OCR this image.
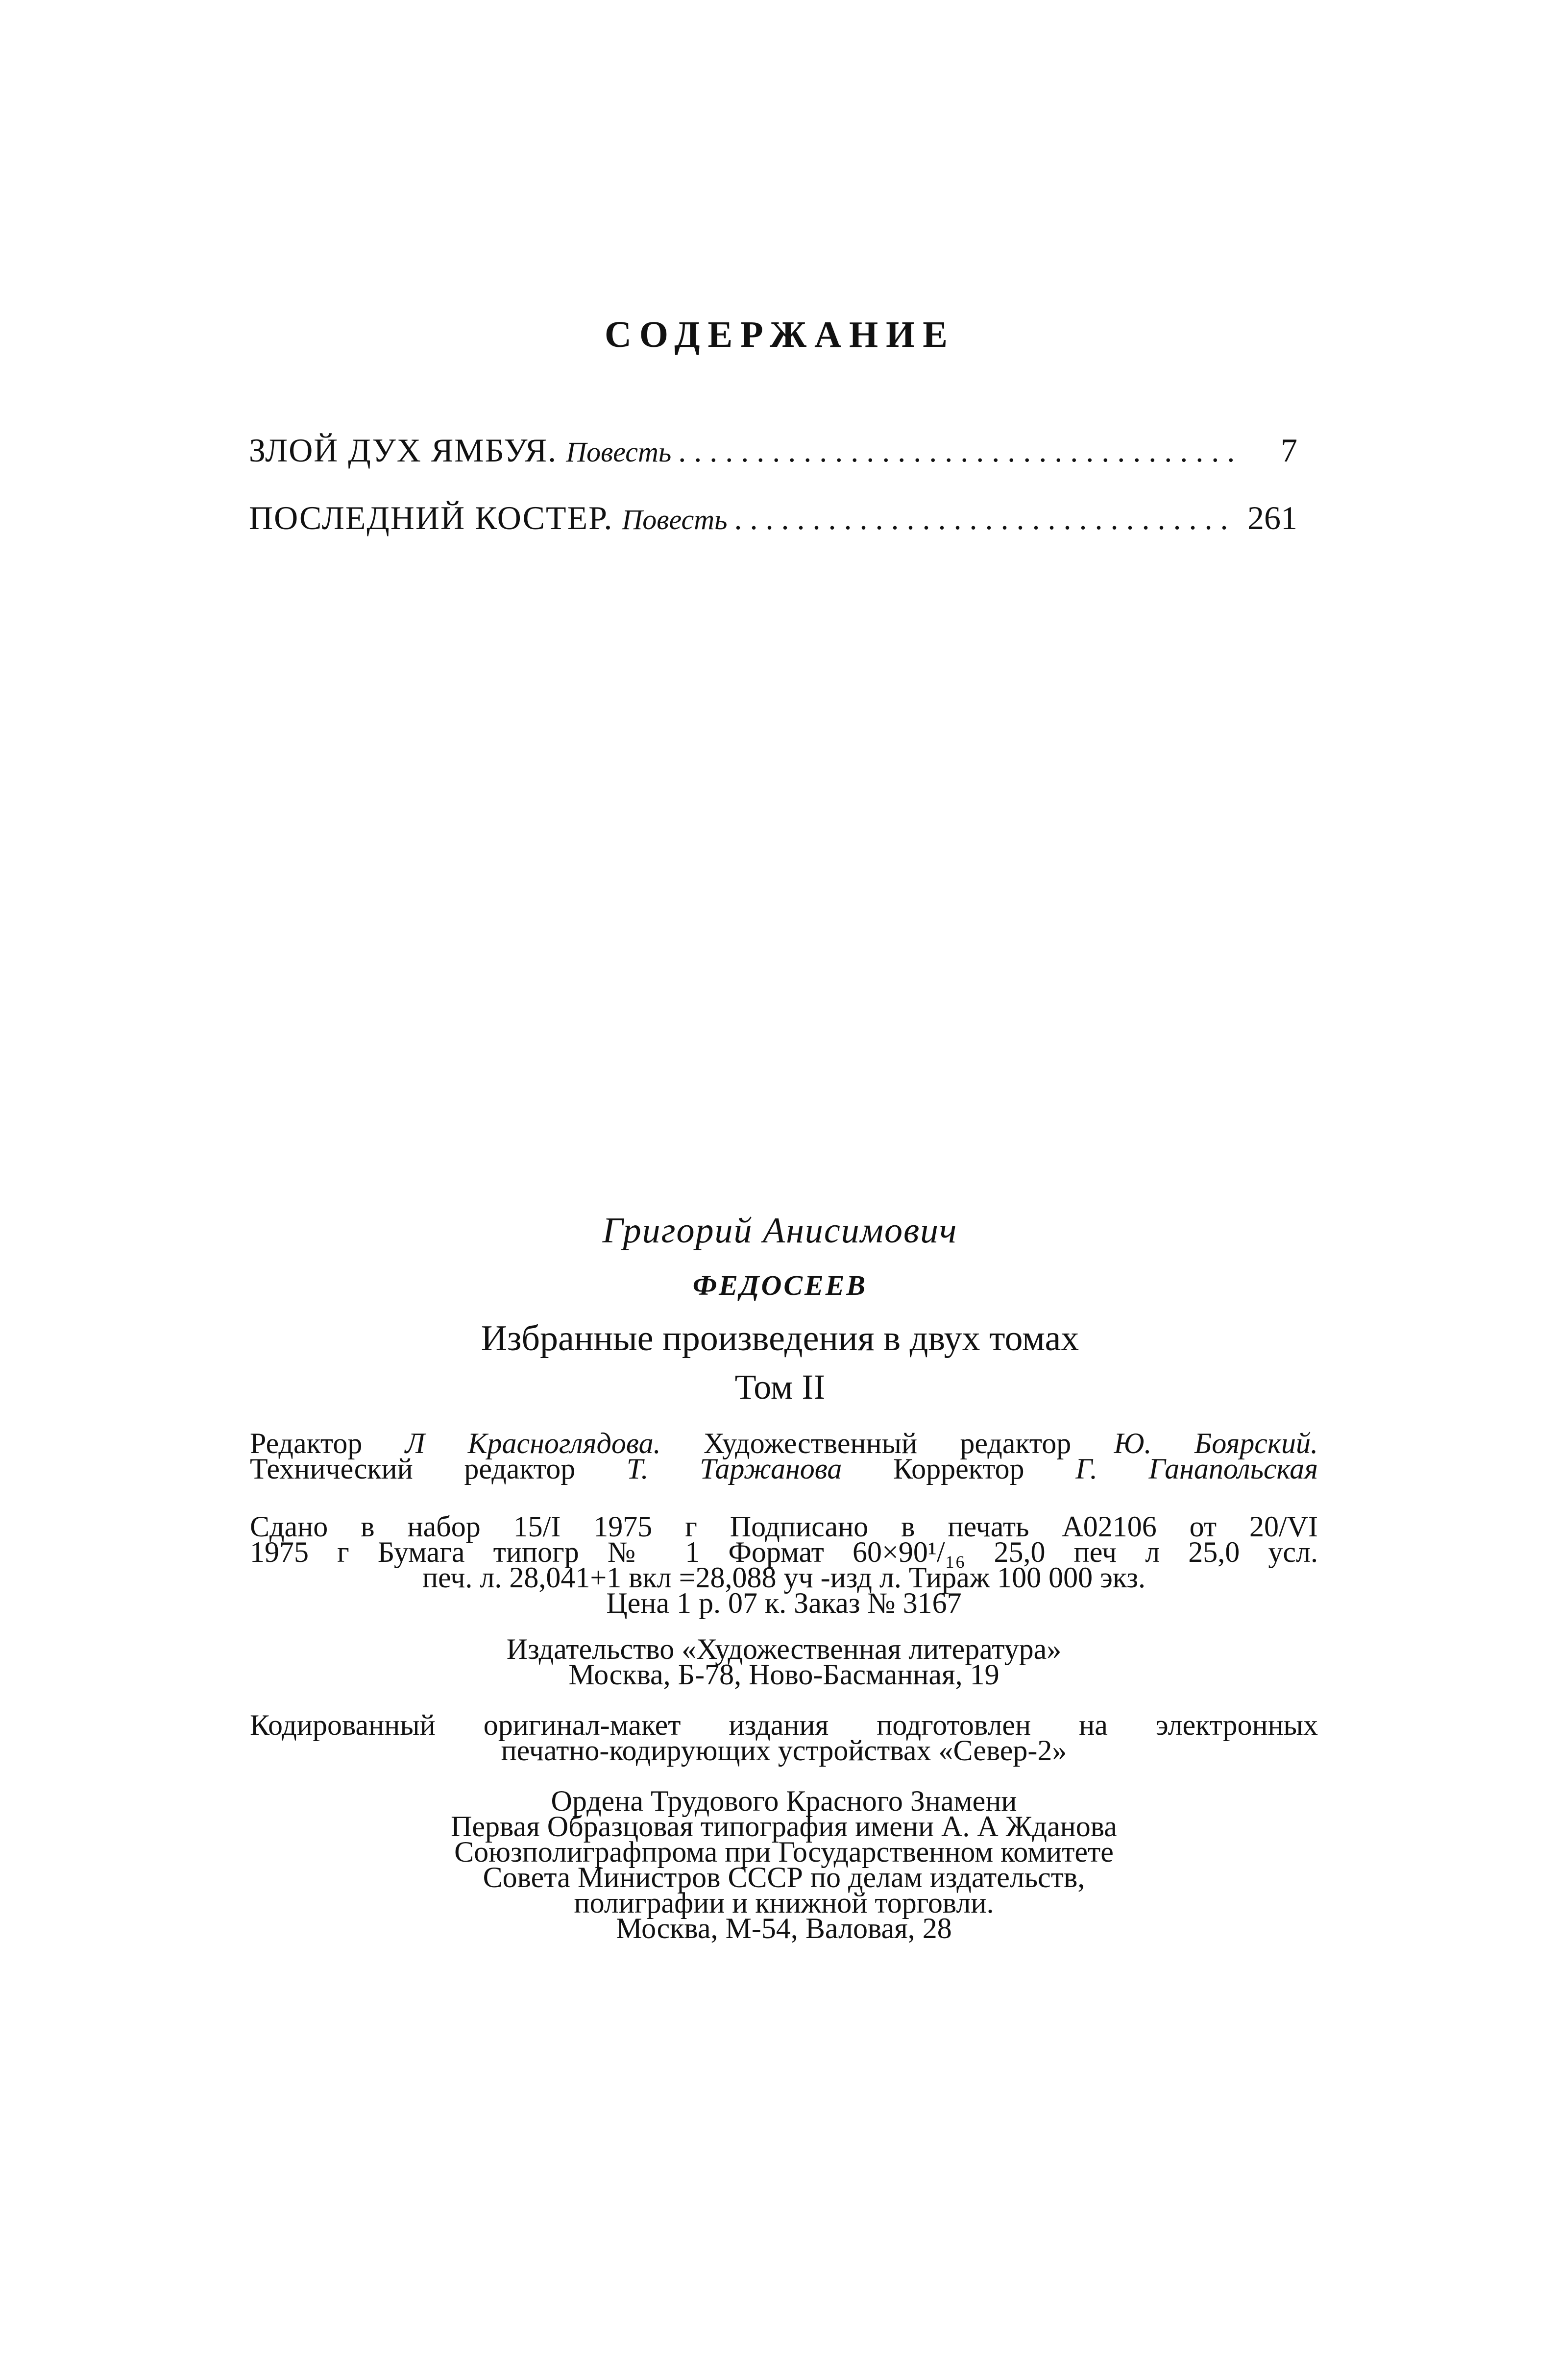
СОДЕРЖАНИЕ
ЗЛОЙ ДУХ ЯМБУЯ. Повесть . . .	7
ПОСЛЕДНИЙ КОСТЕР. Повесть . . .	261
Григорий Анисимович
ФЕДОСЕЕВ
Избранные произведения в двух томах
Том II
Редактор Л Красноглядова. Художественный редактор Ю. Боярский.
Технический редактор Т. Таржанова Корректор Г. Ганапольская
Сдано в набор 15/I 1975 г Подписано в печать А02106 от 20/VI
1975 г Бумага типогр № 1 Формат 60×90¹/₁₆ 25,0 печ л 25,0 усл.
печ. л. 28,041+1 вкл =28,088 уч -изд л. Тираж 100 000 экз.
Цена 1 р. 07 к. Заказ № 3167
Издательство «Художественная литература»
Москва, Б-78, Ново-Басманная, 19
Кодированный оригинал-макет издания подготовлен на электронных
печатно-кодирующих устройствах «Север-2»
Ордена Трудового Красного Знамени
Первая Образцовая типография имени А. А Жданова
Союзполиграфпрома при Государственном комитете
Совета Министров СССР по делам издательств,
полиграфии и книжной торговли.
Москва, М-54, Валовая, 28
